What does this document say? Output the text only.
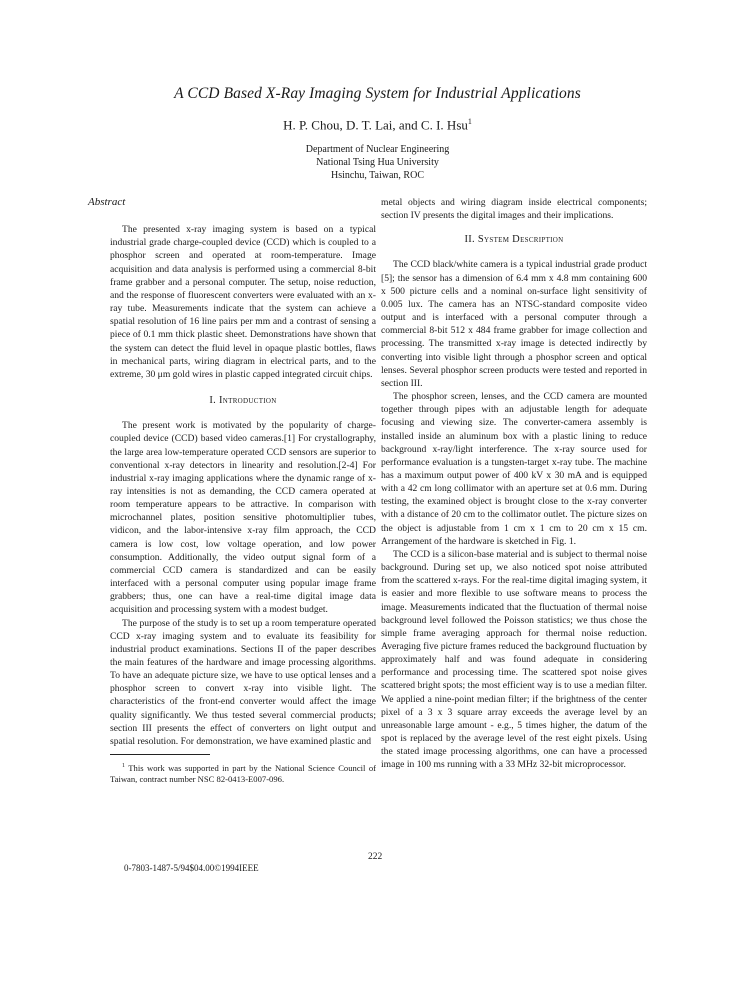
A CCD Based X-Ray Imaging System for Industrial Applications
H. P. Chou, D. T. Lai, and C. I. Hsu$^1$
Department of Nuclear Engineering
National Tsing Hua University
Hsinchu, Taiwan, ROC
Abstract

The presented x-ray imaging system is based on a typical industrial grade charge-coupled device (CCD) which is coupled to a phosphor screen and operated at room-temperature. Image acquisition and data analysis is performed using a commercial 8-bit frame grabber and a personal computer. The setup, noise reduction, and the response of fluorescent converters were evaluated with an x-ray tube. Measurements indicate that the system can achieve a spatial resolution of 16 line pairs per mm and a contrast of sensing a piece of 0.1 mm thick plastic sheet. Demonstrations have shown that the system can detect the fluid level in opaque plastic bottles, flaws in mechanical parts, wiring diagram in electrical parts, and to the extreme, 30 μm gold wires in plastic capped integrated circuit chips.

I. Introduction

The present work is motivated by the popularity of charge-coupled device (CCD) based video cameras.[1] For crystallography, the large area low-temperature operated CCD sensors are superior to conventional x-ray detectors in linearity and resolution.[2-4] For industrial x-ray imaging applications where the dynamic range of x-ray intensities is not as demanding, the CCD camera operated at room temperature appears to be attractive. In comparison with microchannel plates, position sensitive photomultiplier tubes, vidicon, and the labor-intensive x-ray film approach, the CCD camera is low cost, low voltage operation, and low power consumption. Additionally, the video output signal form of a commercial CCD camera is standardized and can be easily interfaced with a personal computer using popular image frame grabbers; thus, one can have a real-time digital image data acquisition and processing system with a modest budget.

The purpose of the study is to set up a room temperature operated CCD x-ray imaging system and to evaluate its feasibility for industrial product examinations. Sections II of the paper describes the main features of the hardware and image processing algorithms. To have an adequate picture size, we have to use optical lenses and a phosphor screen to convert x-ray into visible light. The characteristics of the front-end converter would affect the image quality significantly. We thus tested several commercial products; section III presents the effect of converters on light output and spatial resolution. For demonstration, we have examined plastic and

$^1$ This work was supported in part by the National Science Council of Taiwan, contract number NSC 82-0413-E007-096.

metal objects and wiring diagram inside electrical components; section IV presents the digital images and their implications.

II. System Description

The CCD black/white camera is a typical industrial grade product [5]; the sensor has a dimension of 6.4 mm x 4.8 mm containing 600 x 500 picture cells and a nominal on-surface light sensitivity of 0.005 lux. The camera has an NTSC-standard composite video output and is interfaced with a personal computer through a commercial 8-bit 512 x 484 frame grabber for image collection and processing. The transmitted x-ray image is detected indirectly by converting into visible light through a phosphor screen and optical lenses. Several phosphor screen products were tested and reported in section III.

The phosphor screen, lenses, and the CCD camera are mounted together through pipes with an adjustable length for adequate focusing and viewing size. The converter-camera assembly is installed inside an aluminum box with a plastic lining to reduce background x-ray/light interference. The x-ray source used for performance evaluation is a tungsten-target x-ray tube. The machine has a maximum output power of 400 kV x 30 mA and is equipped with a 42 cm long collimator with an aperture set at 0.6 mm. During testing, the examined object is brought close to the x-ray converter with a distance of 20 cm to the collimator outlet. The picture sizes on the object is adjustable from 1 cm x 1 cm to 20 cm x 15 cm. Arrangement of the hardware is sketched in Fig. 1.

The CCD is a silicon-base material and is subject to thermal noise background. During set up, we also noticed spot noise attributed from the scattered x-rays. For the real-time digital imaging system, it is easier and more flexible to use software means to process the image. Measurements indicated that the fluctuation of thermal noise background level followed the Poisson statistics; we thus chose the simple frame averaging approach for thermal noise reduction. Averaging five picture frames reduced the background fluctuation by approximately half and was found adequate in considering performance and processing time. The scattered spot noise gives scattered bright spots; the most efficient way is to use a median filter. We applied a nine-point median filter; if the brightness of the center pixel of a 3 x 3 square array exceeds the average level by an unreasonable large amount - e.g., 5 times higher, the datum of the spot is replaced by the average level of the rest eight pixels. Using the stated image processing algorithms, one can have a processed image in 100 ms running with a 33 MHz 32-bit microprocessor.

222
0-7803-1487-5/94$04.00©1994IEEE
